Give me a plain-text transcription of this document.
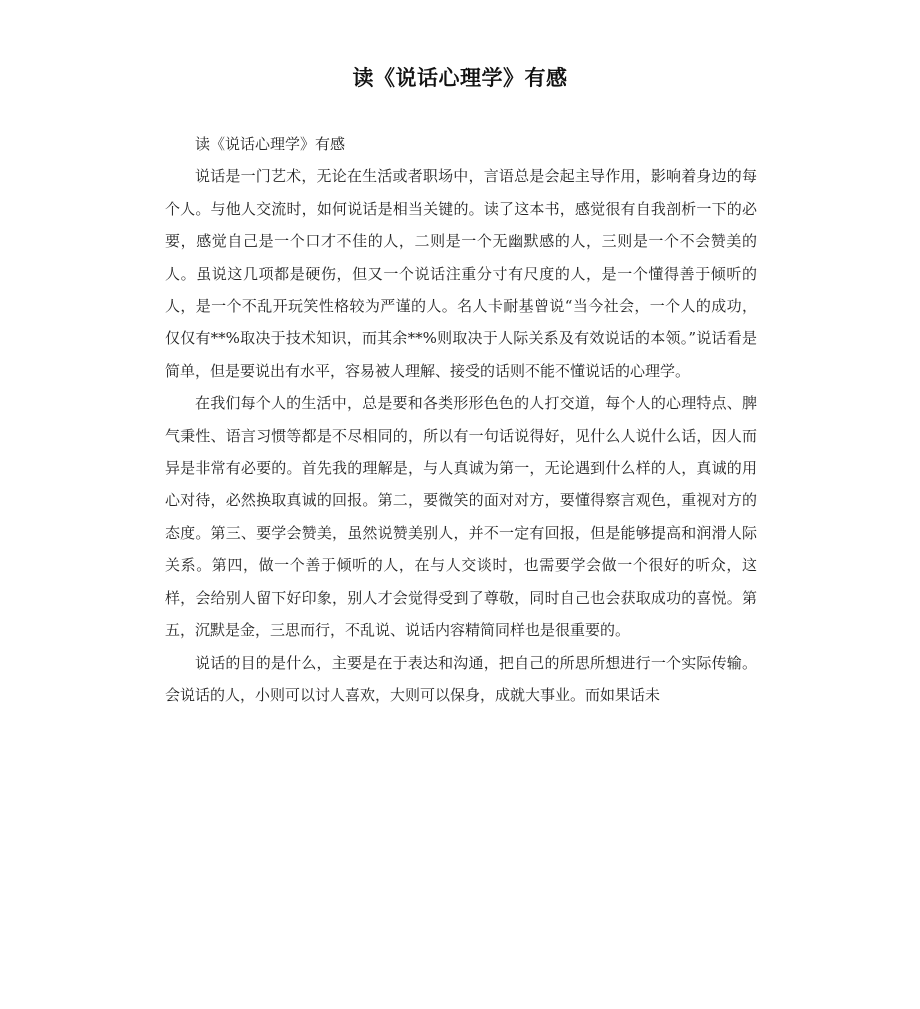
读《说话心理学》有感

读《说话心理学》有感

说话是一门艺术，无论在生活或者职场中，言语总是会起主导作用，影响着身边的每个人。与他人交流时，如何说话是相当关键的。读了这本书，感觉很有自我剖析一下的必要，感觉自己是一个口才不佳的人，二则是一个无幽默感的人，三则是一个不会赞美的人。虽说这几项都是硬伤，但又一个说话注重分寸有尺度的人，是一个懂得善于倾听的人，是一个不乱开玩笑性格较为严谨的人。名人卡耐基曾说“当今社会，一个人的成功，仅仅有**%取决于技术知识，而其余**%则取决于人际关系及有效说话的本领。”说话看是简单，但是要说出有水平，容易被人理解、接受的话则不能不懂说话的心理学。

在我们每个人的生活中，总是要和各类形形色色的人打交道，每个人的心理特点、脾气秉性、语言习惯等都是不尽相同的，所以有一句话说得好，见什么人说什么话，因人而异是非常有必要的。首先我的理解是，与人真诚为第一，无论遇到什么样的人，真诚的用心对待，必然换取真诚的回报。第二，要微笑的面对对方，要懂得察言观色，重视对方的态度。第三、要学会赞美，虽然说赞美别人，并不一定有回报，但是能够提高和润滑人际关系。第四，做一个善于倾听的人，在与人交谈时，也需要学会做一个很好的听众，这样，会给别人留下好印象，别人才会觉得受到了尊敬，同时自己也会获取成功的喜悦。第五，沉默是金，三思而行，不乱说、说话内容精简同样也是很重要的。

说话的目的是什么，主要是在于表达和沟通，把自己的所思所想进行一个实际传输。会说话的人，小则可以讨人喜欢，大则可以保身，成就大事业。而如果话未
